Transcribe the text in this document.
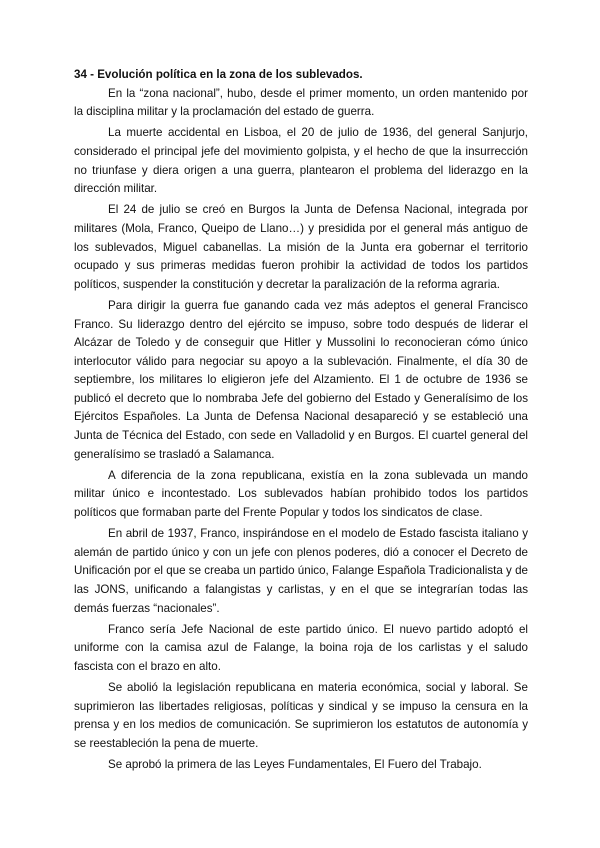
34 - Evolución política en la zona de los sublevados.

En la “zona nacional”, hubo, desde el primer momento, un orden mantenido por la disciplina militar y la proclamación del estado de guerra.

La muerte accidental en Lisboa, el 20 de julio de 1936, del general Sanjurjo, considerado el principal jefe del movimiento golpista, y el hecho de que la insurrección no triunfase y diera origen a una guerra, plantearon el problema del liderazgo en la dirección militar.

El 24 de julio se creó en Burgos la Junta de Defensa Nacional, integrada por militares (Mola, Franco, Queipo de Llano…) y presidida por el general más antiguo de los sublevados, Miguel cabanellas. La misión de la Junta era gobernar el territorio ocupado y sus primeras medidas fueron prohibir la actividad de todos los partidos políticos, suspender la constitución y decretar la paralización de la reforma agraria.

Para dirigir la guerra fue ganando cada vez más adeptos el general Francisco Franco. Su liderazgo dentro del ejército se impuso, sobre todo después de liderar el Alcázar de Toledo y de conseguir que Hitler y Mussolini lo reconocieran cómo único interlocutor válido para negociar su apoyo a la sublevación. Finalmente, el día 30 de septiembre, los militares lo eligieron jefe del Alzamiento. El 1 de octubre de 1936 se publicó el decreto que lo nombraba Jefe del gobierno del Estado y Generalísimo de los Ejércitos Españoles. La Junta de Defensa Nacional desapareció y se estableció una Junta de Técnica del Estado, con sede en Valladolid y en Burgos. El cuartel general del generalísimo se trasladó a Salamanca.

A diferencia de la zona republicana, existía en la zona sublevada un mando militar único e incontestado. Los sublevados habían prohibido todos los partidos políticos que formaban parte del Frente Popular y todos los sindicatos de clase.

En abril de 1937, Franco, inspirándose en el modelo de Estado fascista italiano y alemán de partido único y con un jefe con plenos poderes, dió a conocer el Decreto de Unificación por el que se creaba un partido único, Falange Española Tradicionalista y de las JONS, unificando a falangistas y carlistas, y en el que se integrarían todas las demás fuerzas “nacionales”.

Franco sería Jefe Nacional de este partido único. El nuevo partido adoptó el uniforme con la camisa azul de Falange, la boina roja de los carlistas y el saludo fascista con el brazo en alto.

Se abolió la legislación republicana en materia económica, social y laboral. Se suprimieron las libertades religiosas, políticas y sindical y se impuso la censura en la prensa y en los medios de comunicación. Se suprimieron los estatutos de autonomía y se reestableción la pena de muerte.

Se aprobó la primera de las Leyes Fundamentales, El Fuero del Trabajo.
